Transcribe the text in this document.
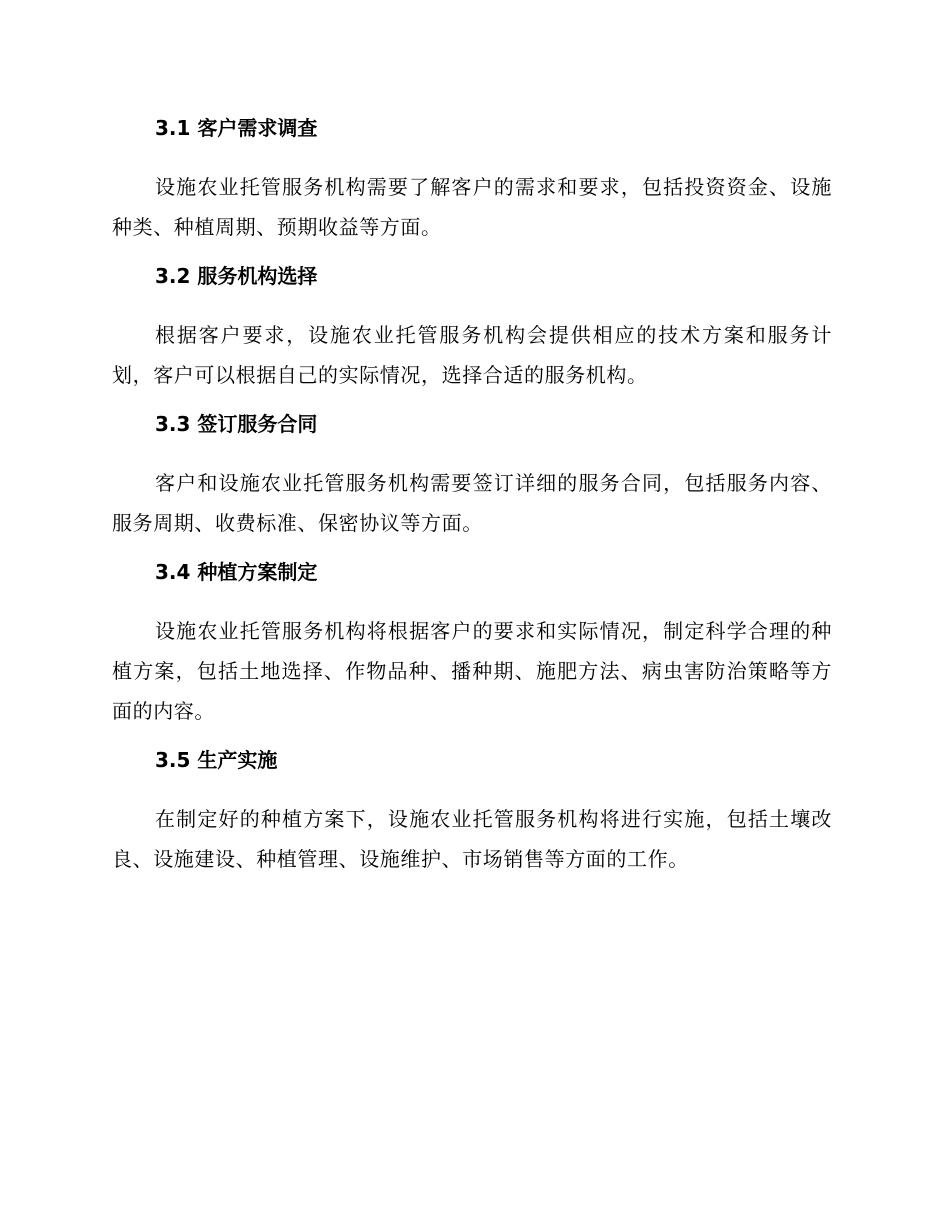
3.1 客户需求调查

设施农业托管服务机构需要了解客户的需求和要求，包括投资资金、设施种类、种植周期、预期收益等方面。

3.2 服务机构选择

根据客户要求，设施农业托管服务机构会提供相应的技术方案和服务计划，客户可以根据自己的实际情况，选择合适的服务机构。

3.3 签订服务合同

客户和设施农业托管服务机构需要签订详细的服务合同，包括服务内容、服务周期、收费标准、保密协议等方面。

3.4 种植方案制定

设施农业托管服务机构将根据客户的要求和实际情况，制定科学合理的种植方案，包括土地选择、作物品种、播种期、施肥方法、病虫害防治策略等方面的内容。

3.5 生产实施

在制定好的种植方案下，设施农业托管服务机构将进行实施，包括土壤改良、设施建设、种植管理、设施维护、市场销售等方面的工作。
